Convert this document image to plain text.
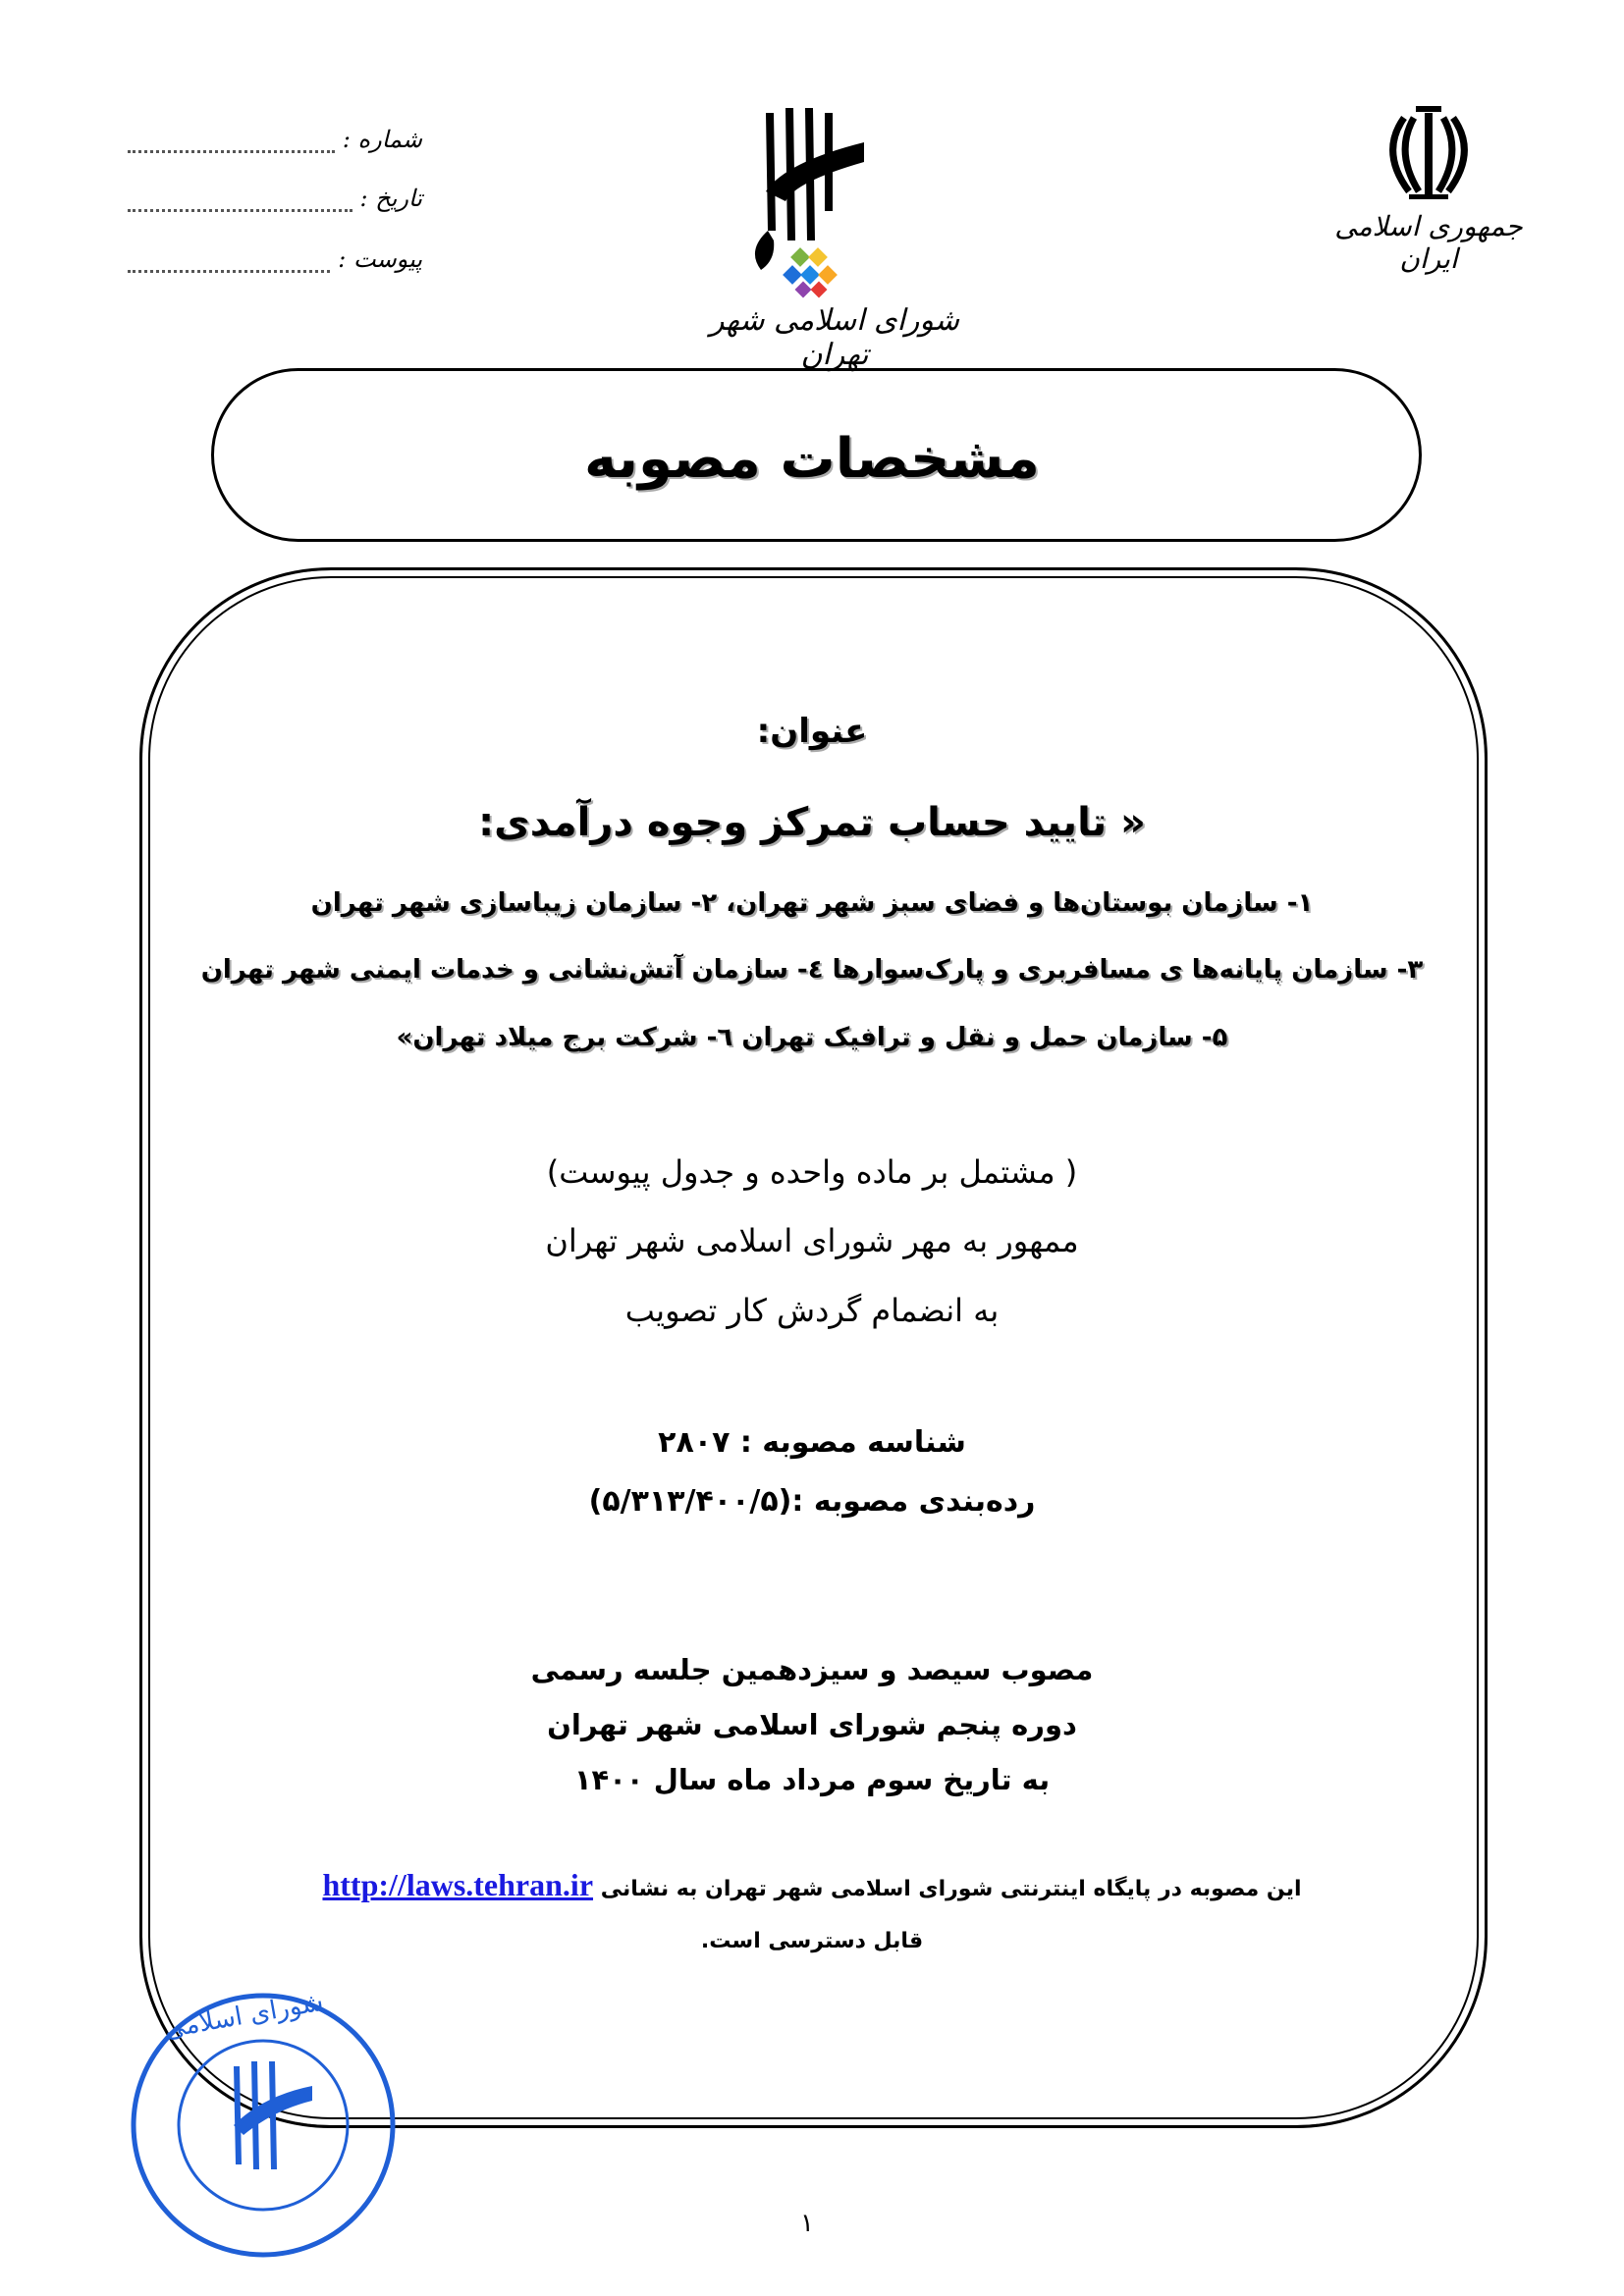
شماره :
تاریخ :
پیوست :
شورای اسلامی شهر تهران
جمهوری اسلامی ایران
مشخصات مصوبه
عنوان:
« تایید حساب تمرکز وجوه درآمدی:
۱- سازمان بوستان‌ها و فضای سبز شهر تهران، ۲- سازمان زیباسازی شهر تهران
۳- سازمان پایانه‌ها ی مسافربری و پارک‌سوارها ٤- سازمان آتش‌نشانی و خدمات ایمنی شهر تهران
۵- سازمان حمل و نقل و ترافیک تهران ٦- شرکت برج میلاد تهران»
( مشتمل بر ماده واحده و جدول پیوست)
ممهور به مهر شورای اسلامی شهر تهران
به انضمام گردش کار تصویب
شناسه مصوبه : ۲۸۰۷
رده‌بندی مصوبه :(۵/۳۱۳/۴۰۰/۵)
مصوب سیصد و سیزدهمین جلسه رسمی
دوره پنجم شورای اسلامی شهر تهران
به تاریخ سوم مرداد ماه سال ۱۴۰۰
این مصوبه در پایگاه اینترنتی شورای اسلامی شهر تهران به نشانی http://laws.tehran.ir
قابل دسترسی است.
شورای اسلامی
۱
